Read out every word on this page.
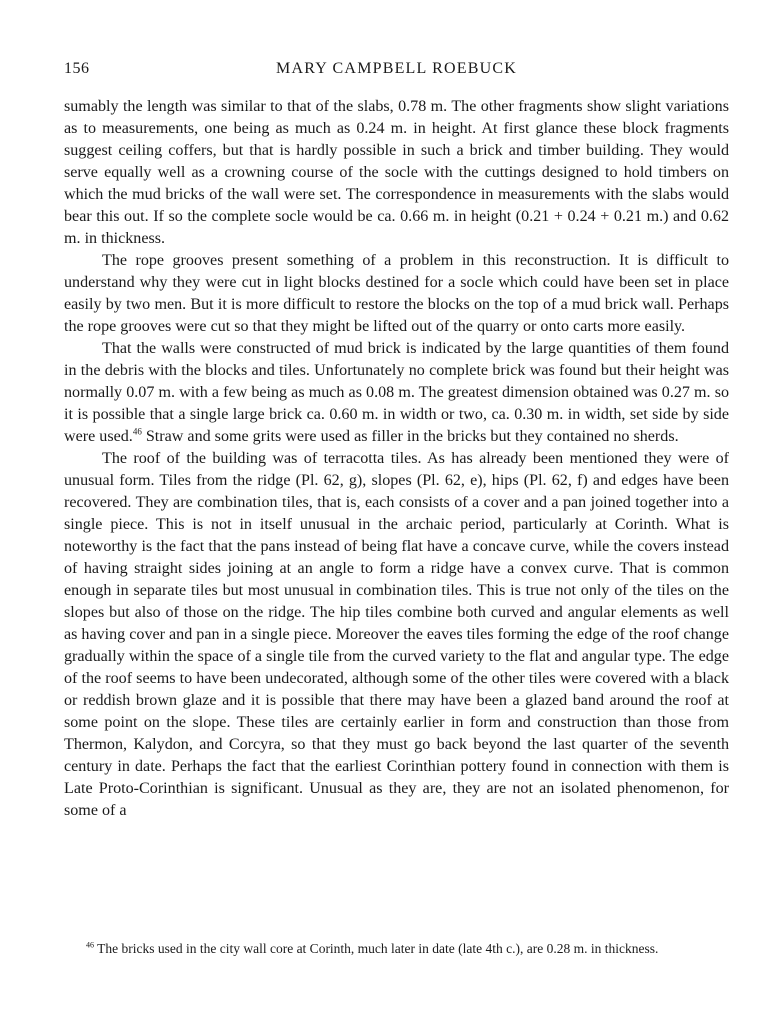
156	MARY CAMPBELL ROEBUCK

sumably the length was similar to that of the slabs, 0.78 m. The other fragments show slight variations as to measurements, one being as much as 0.24 m. in height. At first glance these block fragments suggest ceiling coffers, but that is hardly possible in such a brick and timber building. They would serve equally well as a crowning course of the socle with the cuttings designed to hold timbers on which the mud bricks of the wall were set. The correspondence in measurements with the slabs would bear this out. If so the complete socle would be ca. 0.66 m. in height (0.21 + 0.24 + 0.21 m.) and 0.62 m. in thickness.

The rope grooves present something of a problem in this reconstruction. It is difficult to understand why they were cut in light blocks destined for a socle which could have been set in place easily by two men. But it is more difficult to restore the blocks on the top of a mud brick wall. Perhaps the rope grooves were cut so that they might be lifted out of the quarry or onto carts more easily.

That the walls were constructed of mud brick is indicated by the large quantities of them found in the debris with the blocks and tiles. Unfortunately no complete brick was found but their height was normally 0.07 m. with a few being as much as 0.08 m. The greatest dimension obtained was 0.27 m. so it is possible that a single large brick ca. 0.60 m. in width or two, ca. 0.30 m. in width, set side by side were used.$^{46}$ Straw and some grits were used as filler in the bricks but they contained no sherds.

The roof of the building was of terracotta tiles. As has already been mentioned they were of unusual form. Tiles from the ridge (Pl. 62, g), slopes (Pl. 62, e), hips (Pl. 62, f) and edges have been recovered. They are combination tiles, that is, each consists of a cover and a pan joined together into a single piece. This is not in itself unusual in the archaic period, particularly at Corinth. What is noteworthy is the fact that the pans instead of being flat have a concave curve, while the covers instead of having straight sides joining at an angle to form a ridge have a convex curve. That is common enough in separate tiles but most unusual in combination tiles. This is true not only of the tiles on the slopes but also of those on the ridge. The hip tiles combine both curved and angular elements as well as having cover and pan in a single piece. Moreover the eaves tiles forming the edge of the roof change gradually within the space of a single tile from the curved variety to the flat and angular type. The edge of the roof seems to have been undecorated, although some of the other tiles were covered with a black or reddish brown glaze and it is possible that there may have been a glazed band around the roof at some point on the slope. These tiles are certainly earlier in form and construction than those from Thermon, Kalydon, and Corcyra, so that they must go back beyond the last quarter of the seventh century in date. Perhaps the fact that the earliest Corinthian pottery found in connection with them is Late Proto-Corinthian is significant. Unusual as they are, they are not an isolated phenomenon, for some of a

$^{46}$ The bricks used in the city wall core at Corinth, much later in date (late 4th c.), are 0.28 m. in thickness.
